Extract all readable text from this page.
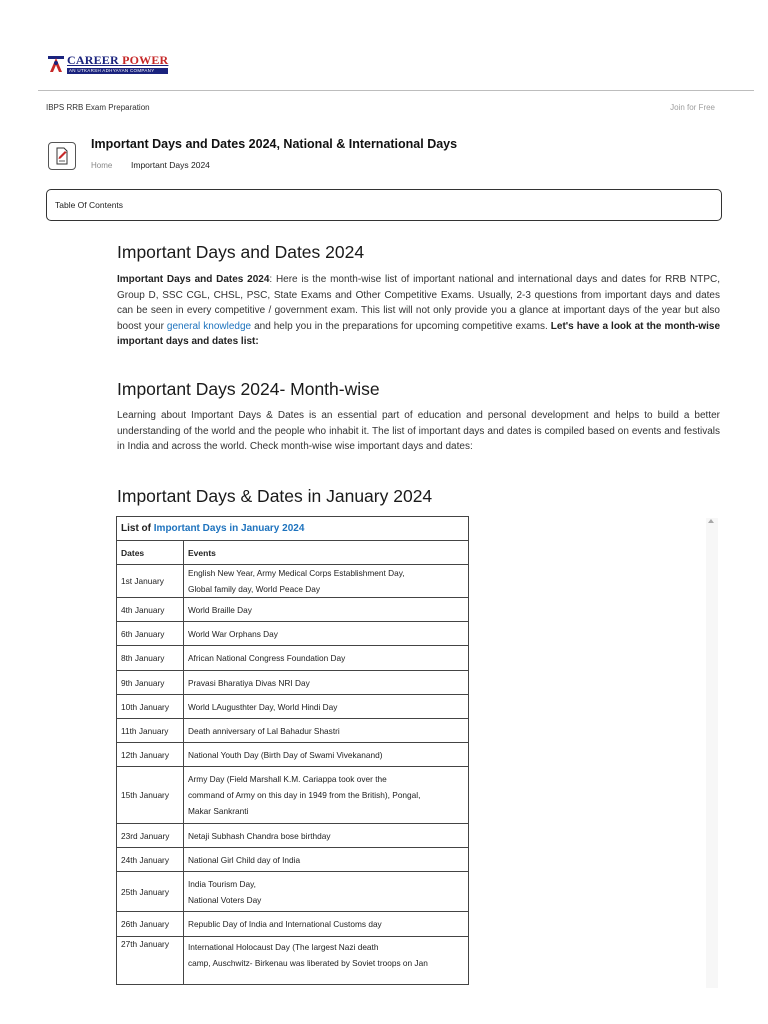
CAREER POWER
AN UTKARSH ADHYAYAN COMPANY
IBPS RRB Exam Preparation	Join for Free
Important Days and Dates 2024, National & International Days
Home Important Days 2024
Table Of Contents
Important Days and Dates 2024

Important Days and Dates 2024: Here is the month-wise list of important national and international days and dates for RRB NTPC, Group D, SSC CGL, CHSL, PSC, State Exams and Other Competitive Exams. Usually, 2-3 questions from important days and dates can be seen in every competitive / government exam. This list will not only provide you a glance at important days of the year but also boost your general knowledge and help you in the preparations for upcoming competitive exams. Let's have a look at the month-wise important days and dates list:

Important Days 2024- Month-wise

Learning about Important Days & Dates is an essential part of education and personal development and helps to build a better understanding of the world and the people who inhabit it. The list of important days and dates is compiled based on events and festivals in India and across the world. Check month-wise wise important days and dates:

Important Days & Dates in January 2024
List of Important Days in January 2024	
Dates	Events
1st January	English New Year, Army Medical Corps Establishment Day,
Global family day, World Peace Day
4th January	World Braille Day
6th January	World War Orphans Day
8th January	African National Congress Foundation Day
9th January	Pravasi Bharatiya Divas NRI Day
10th January	World LAugusthter Day, World Hindi Day
11th January	Death anniversary of Lal Bahadur Shastri
12th January	National Youth Day (Birth Day of Swami Vivekanand)
15th January	Army Day (Field Marshall K.M. Cariappa took over the
command of Army on this day in 1949 from the British), Pongal,
Makar Sankranti
23rd January	Netaji Subhash Chandra bose birthday
24th January	National Girl Child day of India
25th January	India Tourism Day,
National Voters Day
26th January	Republic Day of India and International Customs day
27th January	International Holocaust Day (The largest Nazi death
camp, Auschwitz- Birkenau was liberated by Soviet troops on Jan
